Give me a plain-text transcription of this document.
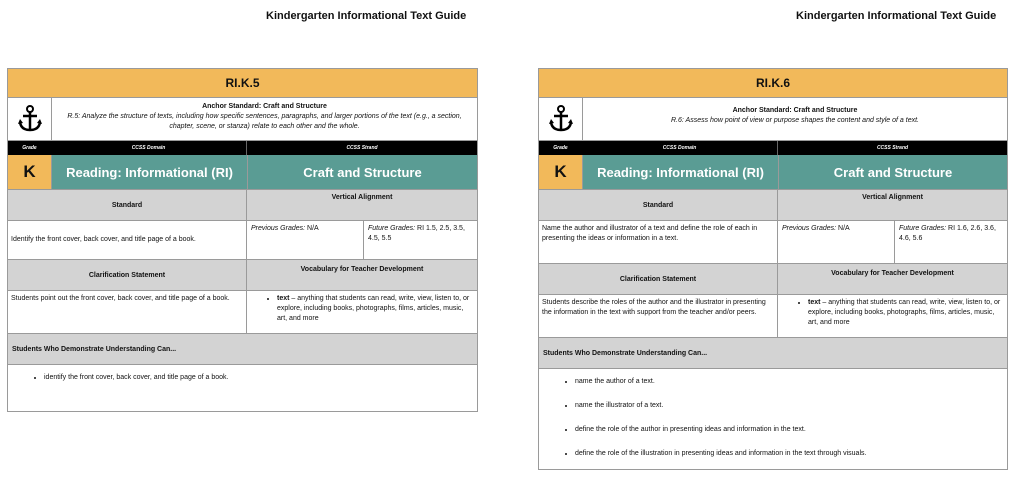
Kindergarten Informational Text Guide	Kindergarten Informational Text Guide
RI.K.5
Anchor Standard: Craft and Structure
R.5: Analyze the structure of texts, including how specific sentences, paragraphs, and larger portions of the text (e.g., a section, chapter, scene, or stanza) relate to each other and the whole.
Grade	CCSS Domain	CCSS Strand
K	Reading: Informational (RI)	Craft and Structure
Standard
Vertical Alignment
Identify the front cover, back cover, and title page of a book.
Previous Grades: N/A	Future Grades: RI 1.5, 2.5, 3.5, 4.5, 5.5
Clarification Statement
Vocabulary for Teacher Development
Students point out the front cover, back cover, and title page of a book.
•	text – anything that students can read, write, view, listen to, or explore, including books, photographs, films, articles, music, art, and more
Students Who Demonstrate Understanding Can...
• identify the front cover, back cover, and title page of a book.
RI.K.6
Anchor Standard: Craft and Structure
R.6: Assess how point of view or purpose shapes the content and style of a text.
Grade	CCSS Domain	CCSS Strand
K	Reading: Informational (RI)	Craft and Structure
Standard
Vertical Alignment
Name the author and illustrator of a text and define the role of each in presenting the ideas or information in a text.
Previous Grades: N/A	Future Grades: RI 1.6, 2.6, 3.6, 4.6, 5.6
Clarification Statement
Vocabulary for Teacher Development
Students describe the roles of the author and the illustrator in presenting the information in the text with support from the teacher and/or peers.
• text – anything that students can read, write, view, listen to, or explore, including books, photographs, films, articles, music, art, and more
Students Who Demonstrate Understanding Can...
• name the author of a text.
• name the illustrator of a text.
• define the role of the author in presenting ideas and information in the text.
• define the role of the illustration in presenting ideas and information in the text through visuals.
